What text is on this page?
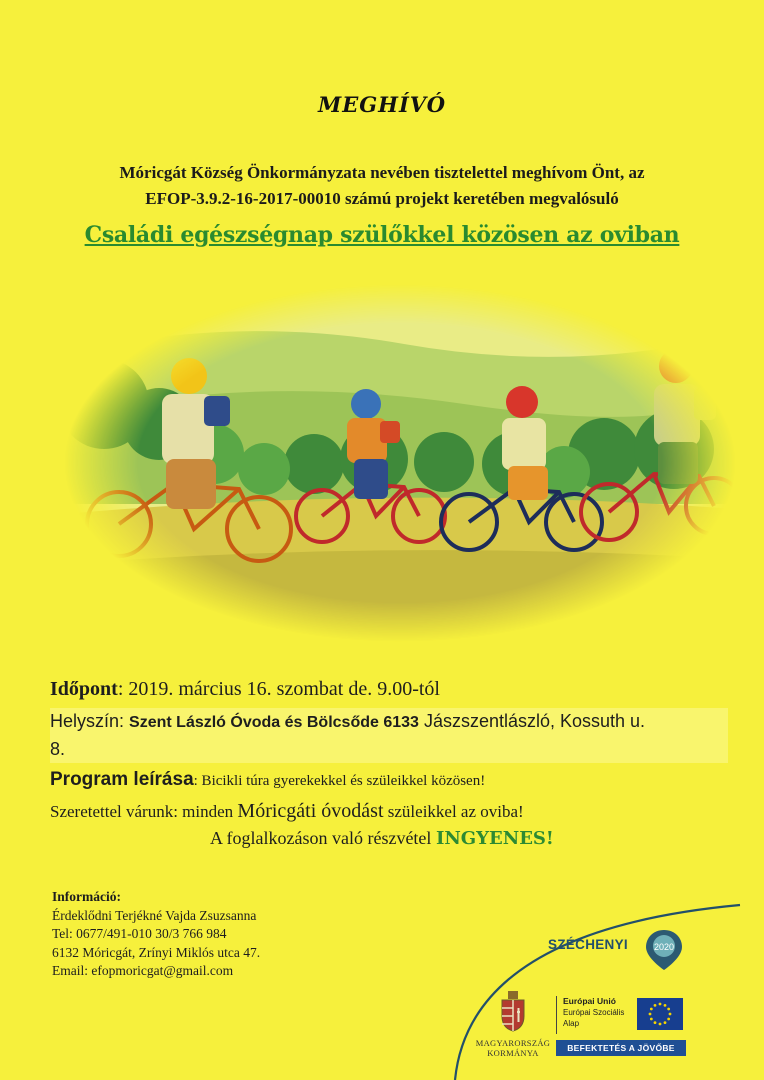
MEGHÍVÓ
Móricgát Község Önkormányzata nevében tisztelettel meghívom Önt, az
EFOP-3.9.2-16-2017-00010 számú projekt keretében megvalósuló
Családi egészségnap szülőkkel közösen az oviban
Időpont: 2019. március 16. szombat de. 9.00-tól
Helyszín: Szent László Óvoda és Bölcsőde 6133 Jászszentlászló, Kossuth u.
8.
Program leírása: Bicikli túra gyerekekkel és szüleikkel közösen!
Szeretettel várunk: minden Móricgáti óvodást szüleikkel az oviba!
A foglalkozáson való részvétel INGYENES!
Információ:
Érdeklődni Terjékné Vajda Zsuzsanna
Tel: 0677/491-010 30/3 766 984
6132 Móricgát, Zrínyi Miklós utca 47.
Email: efopmoricgat@gmail.com
SZÉCHENYI	2020
MAGYARORSZÁG
KORMÁNYA
Európai Unió
Európai Szociális
Alap
BEFEKTETÉS A JÖVŐBE
